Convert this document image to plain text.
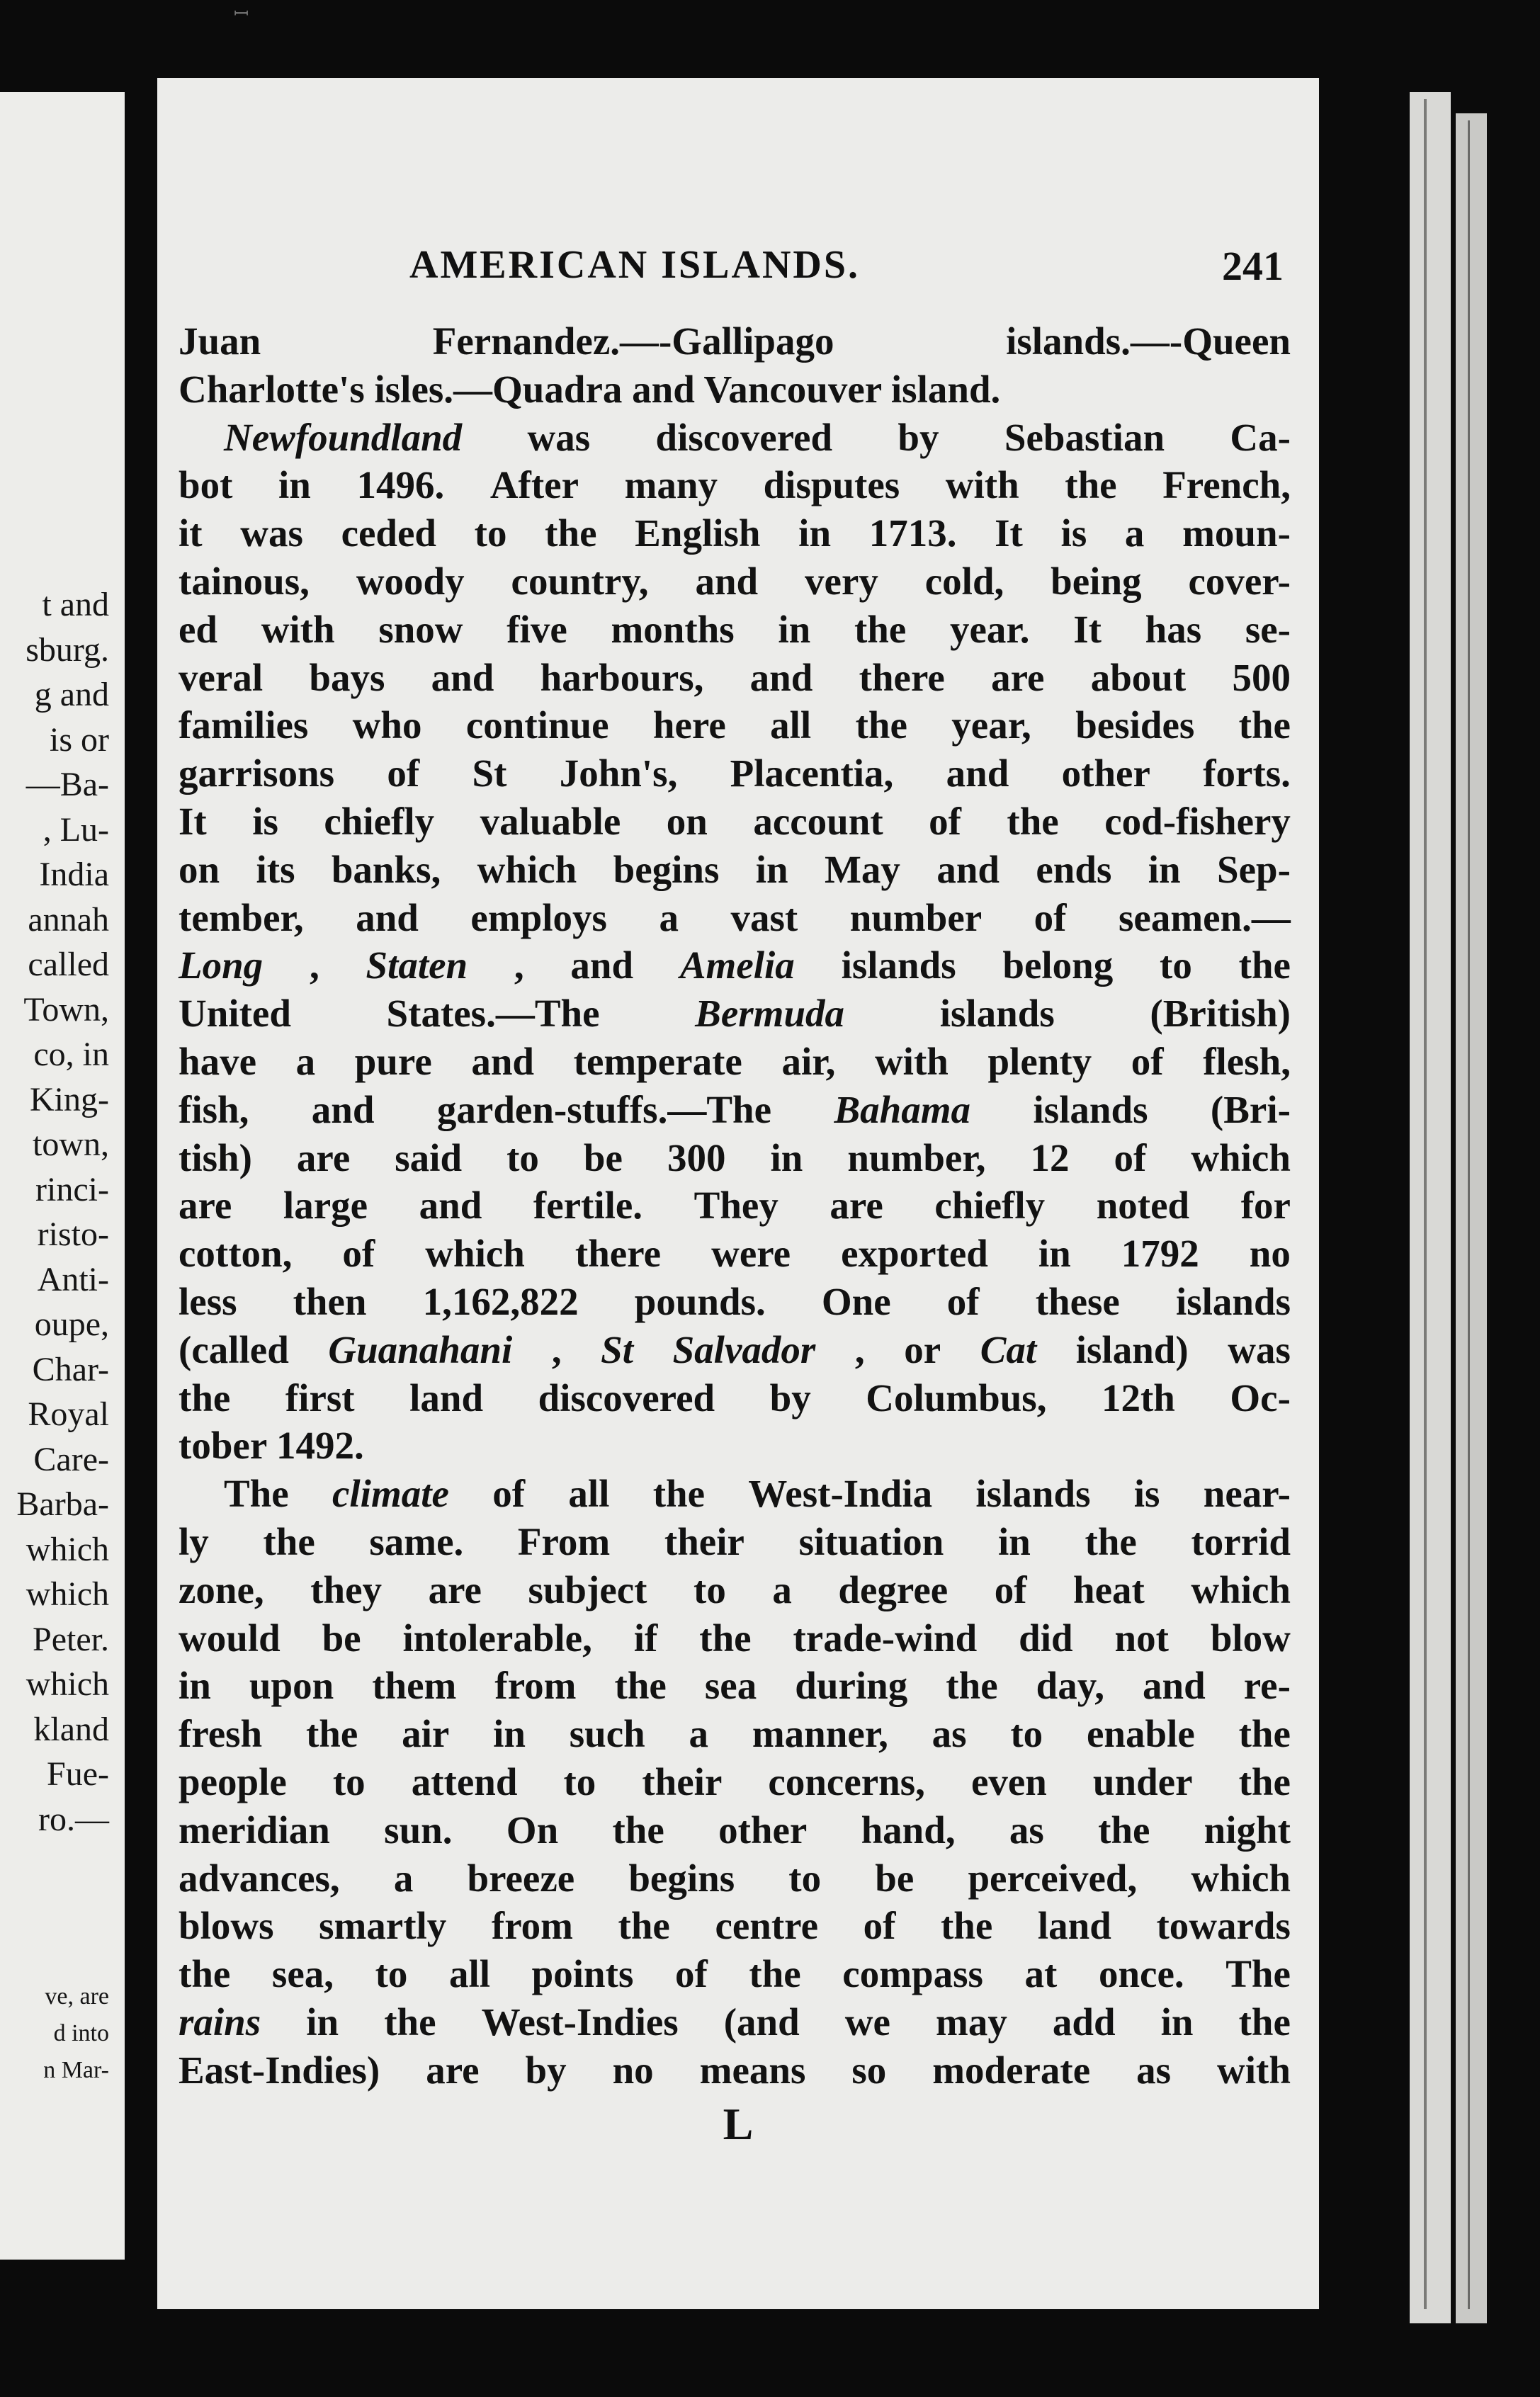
ꟷ
t and
sburg.
g and
is or
—Ba-
, Lu-
India
annah
called
Town,
co, in
King-
town,
rinci-
risto-
Anti-
oupe,
Char-
Royal
Care-
Barba-
which
which
Peter.
which
kland
Fue-
ro.—
ve, are
d into
n Mar-
AMERICAN ISLANDS.	241
Juan	Fernandez.—-Gallipago	islands.—-Queen
Charlotte's isles.—Quadra and Vancouver island.
Newfoundland was discovered by Sebastian Ca-
bot in 1496. After many disputes with the French,
it was ceded to the English in 1713. It is a moun-
tainous, woody country, and very cold, being cover-
ed with snow five months in the year. It has se-
veral bays and harbours, and there are about 500
families who continue here all the year, besides the
garrisons of St John's, Placentia, and other forts.
It is chiefly valuable on account of the cod-fishery
on its banks, which begins in May and ends in Sep-
tember, and employs a vast number of seamen.—
Long , Staten , and Amelia islands belong to the
United States.—The Bermuda islands (British)
have a pure and temperate air, with plenty of flesh,
fish, and garden-stuffs.—The Bahama islands (Bri-
tish) are said to be 300 in number, 12 of which
are large and fertile. They are chiefly noted for
cotton, of which there were exported in 1792 no
less then 1,162,822 pounds. One of these islands
(called Guanahani , St Salvador , or Cat island) was
the first land discovered by Columbus, 12th Oc-
tober 1492.
The climate of all the West-India islands is near-
ly the same. From their situation in the torrid
zone, they are subject to a degree of heat which
would be intolerable, if the trade-wind did not blow
in upon them from the sea during the day, and re-
fresh the air in such a manner, as to enable the
people to attend to their concerns, even under the
meridian sun. On the other hand, as the night
advances, a breeze begins to be perceived, which
blows smartly from the centre of the land towards
the sea, to all points of the compass at once. The
rains in the West-Indies (and we may add in the
East-Indies) are by no means so moderate as with
L
